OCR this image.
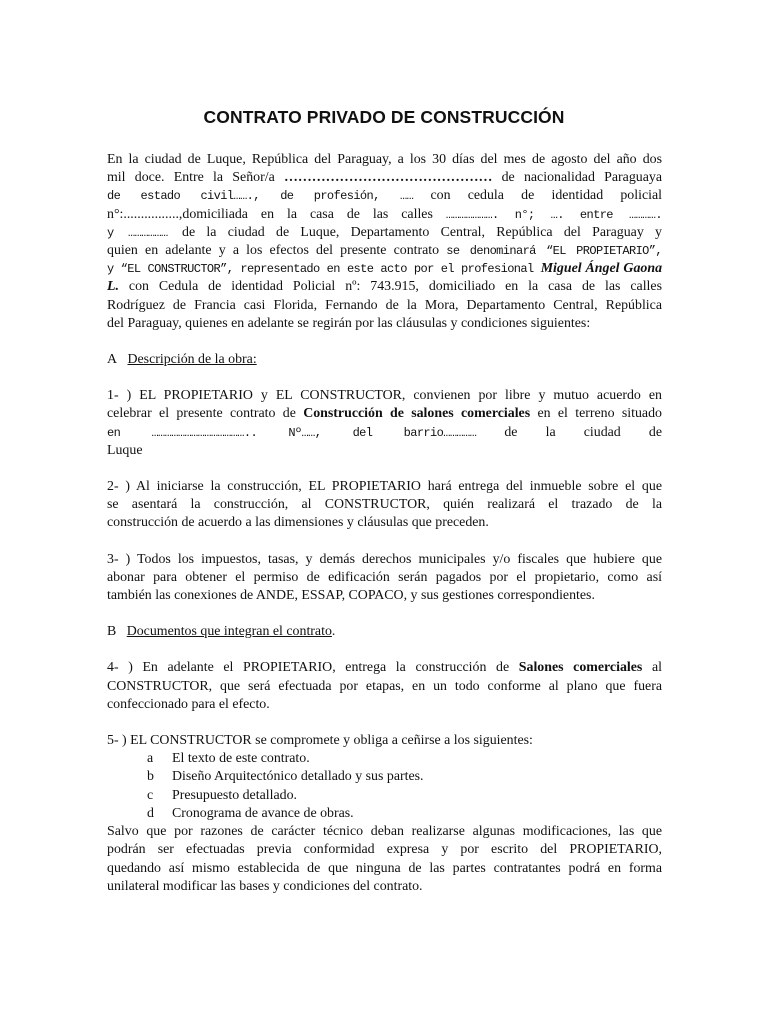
CONTRATO PRIVADO DE CONSTRUCCIÓN

En la ciudad de Luque, República del Paraguay, a los 30 días del mes de agosto del año dos
mil doce. Entre la Señor/a ……………………………………… de nacionalidad Paraguaya
de estado civil……., de profesión, …… con cedula de identidad policial
n°:................,domiciliada en la casa de las calles …………………. n°; …. entre ………….
y ……………… de la ciudad de Luque, Departamento Central, República del Paraguay y
quien en adelante y a los efectos del presente contrato se denominará “EL PROPIETARIO”,
y “EL CONSTRUCTOR”, representado en este acto por el profesional Miguel Ángel Gaona
L. con Cedula de identidad Policial nº: 743.915, domiciliado en la casa de las calles
Rodríguez de Francia casi Florida, Fernando de la Mora, Departamento Central, República
del Paraguay, quienes en adelante se regirán por las cláusulas y condiciones siguientes:

A Descripción de la obra:

1- ) EL PROPIETARIO y EL CONSTRUCTOR, convienen por libre y mutuo acuerdo en
celebrar el presente contrato de Construcción de salones comerciales en el terreno situado
en …………………………………….. Nº……, del barrio…………… de la ciudad de
Luque

2- ) Al iniciarse la construcción, EL PROPIETARIO hará entrega del inmueble sobre el que
se asentará la construcción, al CONSTRUCTOR, quién realizará el trazado de la
construcción de acuerdo a las dimensiones y cláusulas que preceden.

3- ) Todos los impuestos, tasas, y demás derechos municipales y/o fiscales que hubiere que
abonar para obtener el permiso de edificación serán pagados por el propietario, como así
también las conexiones de ANDE, ESSAP, COPACO, y sus gestiones correspondientes.

B Documentos que integran el contrato.

4- ) En adelante el PROPIETARIO, entrega la construcción de Salones comerciales al
CONSTRUCTOR, que será efectuada por etapas, en un todo conforme al plano que fuera
confeccionado para el efecto.

5- ) EL CONSTRUCTOR se compromete y obliga a ceñirse a los siguientes:

a	El texto de este contrato.
b	Diseño Arquitectónico detallado y sus partes.
c	Presupuesto detallado.
d	Cronograma de avance de obras.

Salvo que por razones de carácter técnico deban realizarse algunas modificaciones, las que
podrán ser efectuadas previa conformidad expresa y por escrito del PROPIETARIO,
quedando así mismo establecida de que ninguna de las partes contratantes podrá en forma
unilateral modificar las bases y condiciones del contrato.
